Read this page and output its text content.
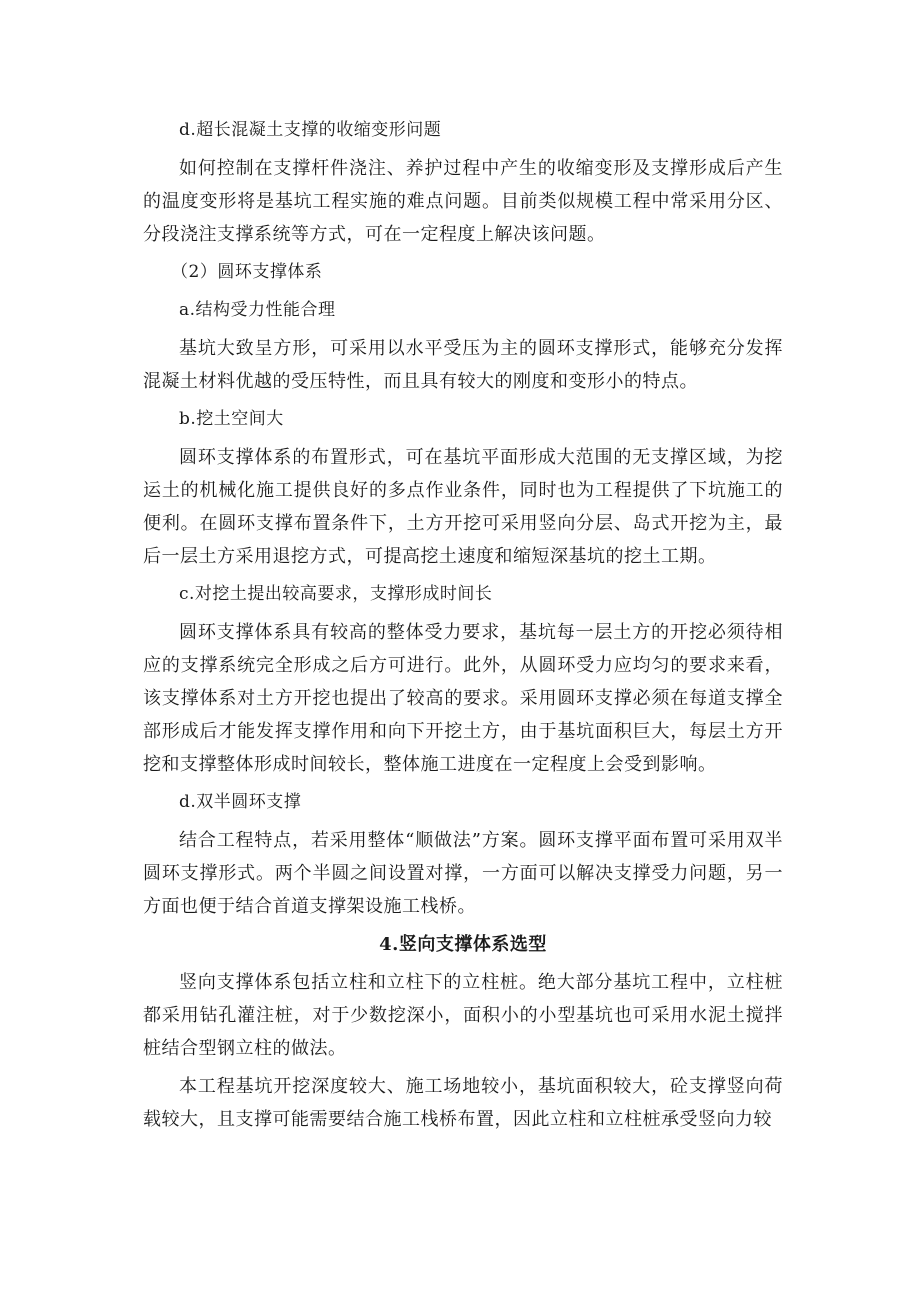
d.超长混凝土支撑的收缩变形问题

如何控制在支撑杆件浇注、养护过程中产生的收缩变形及支撑形成后产生的温度变形将是基坑工程实施的难点问题。目前类似规模工程中常采用分区、分段浇注支撑系统等方式，可在一定程度上解决该问题。

（2）圆环支撑体系

a.结构受力性能合理

基坑大致呈方形，可采用以水平受压为主的圆环支撑形式，能够充分发挥混凝土材料优越的受压特性，而且具有较大的刚度和变形小的特点。

b.挖土空间大

圆环支撑体系的布置形式，可在基坑平面形成大范围的无支撑区域，为挖运土的机械化施工提供良好的多点作业条件，同时也为工程提供了下坑施工的便利。在圆环支撑布置条件下，土方开挖可采用竖向分层、岛式开挖为主，最后一层土方采用退挖方式，可提高挖土速度和缩短深基坑的挖土工期。

c.对挖土提出较高要求，支撑形成时间长

圆环支撑体系具有较高的整体受力要求，基坑每一层土方的开挖必须待相应的支撑系统完全形成之后方可进行。此外，从圆环受力应均匀的要求来看，该支撑体系对土方开挖也提出了较高的要求。采用圆环支撑必须在每道支撑全部形成后才能发挥支撑作用和向下开挖土方，由于基坑面积巨大，每层土方开挖和支撑整体形成时间较长，整体施工进度在一定程度上会受到影响。

d.双半圆环支撑

结合工程特点，若采用整体“顺做法”方案。圆环支撑平面布置可采用双半圆环支撑形式。两个半圆之间设置对撑，一方面可以解决支撑受力问题，另一方面也便于结合首道支撑架设施工栈桥。

4.竖向支撑体系选型

竖向支撑体系包括立柱和立柱下的立柱桩。绝大部分基坑工程中，立柱桩都采用钻孔灌注桩，对于少数挖深小，面积小的小型基坑也可采用水泥土搅拌桩结合型钢立柱的做法。

本工程基坑开挖深度较大、施工场地较小，基坑面积较大，砼支撑竖向荷载较大，且支撑可能需要结合施工栈桥布置，因此立柱和立柱桩承受竖向力较
